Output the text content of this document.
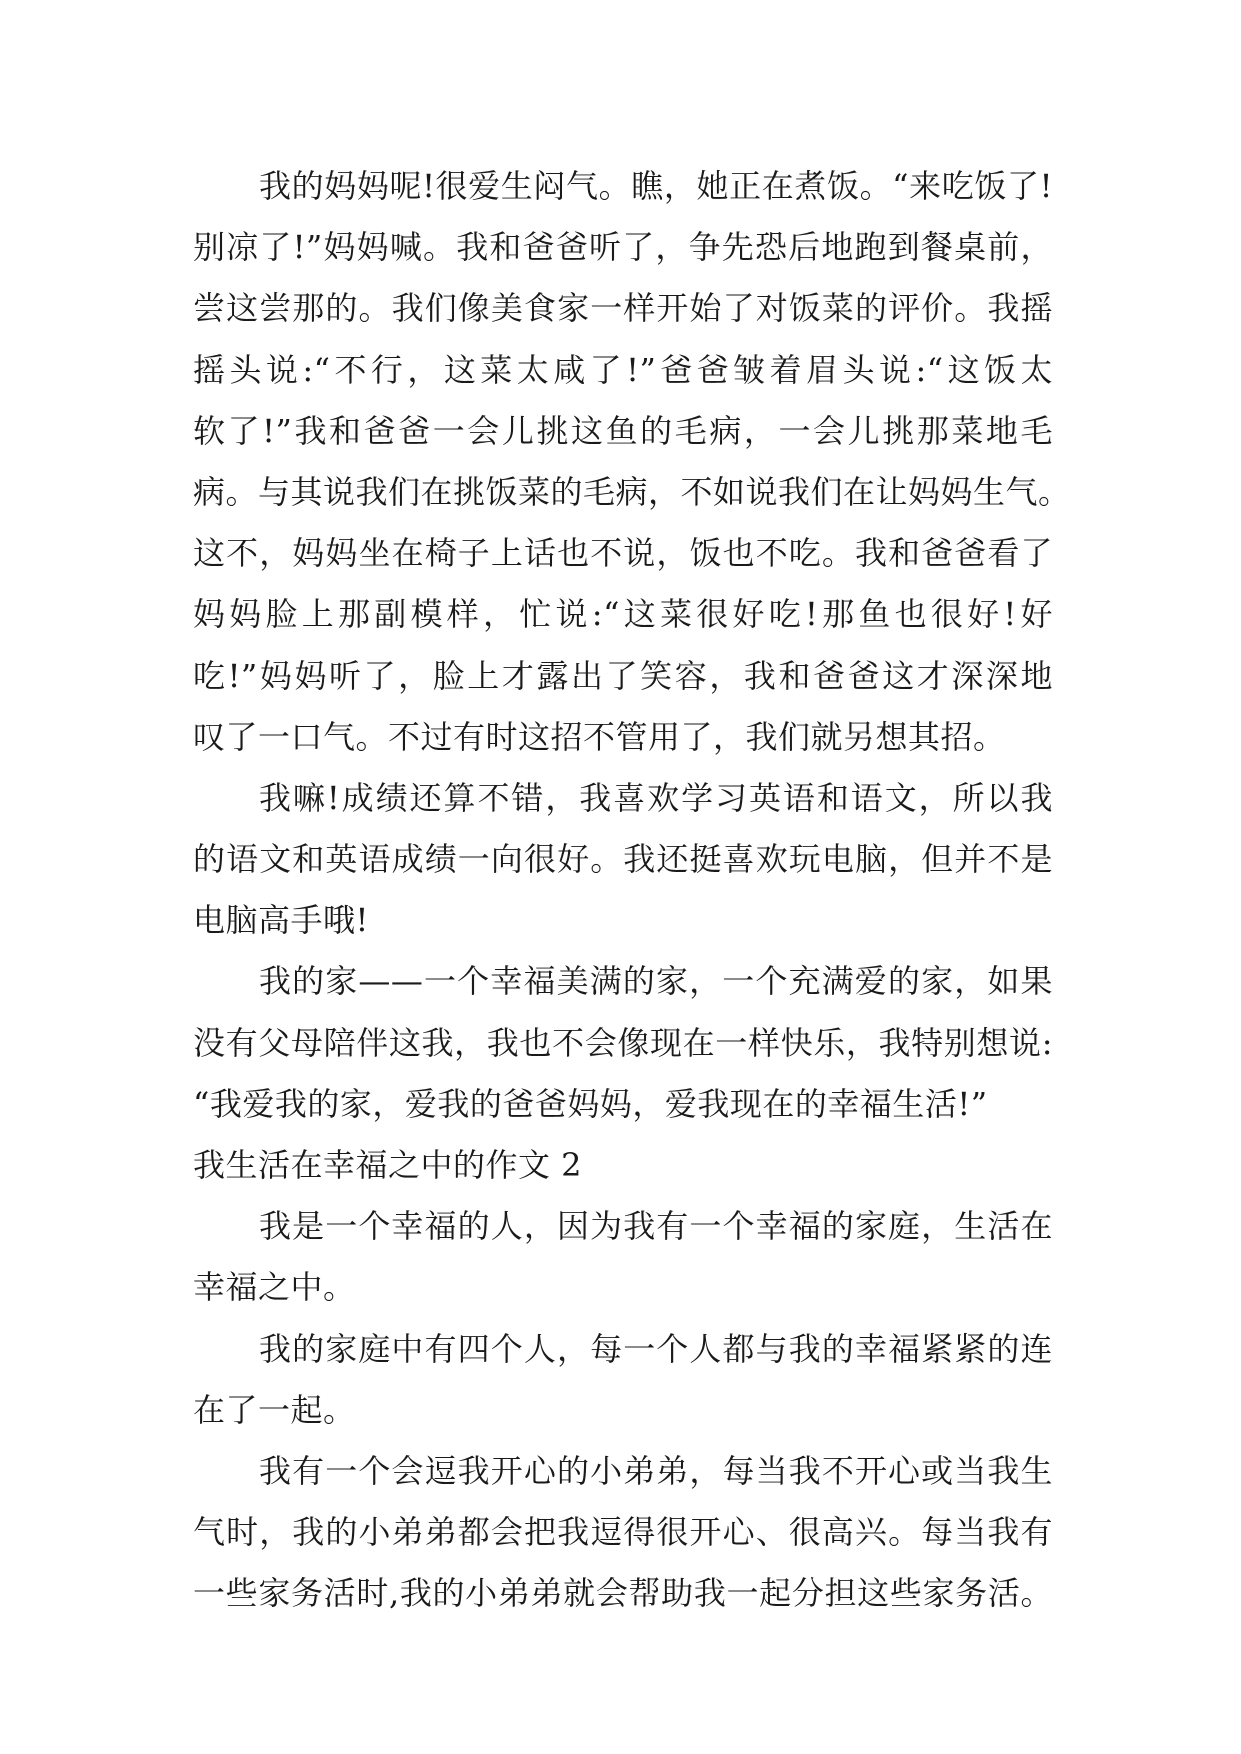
我的妈妈呢!很爱生闷气。瞧，她正在煮饭。“来吃饭了!
别凉了!”妈妈喊。我和爸爸听了，争先恐后地跑到餐桌前，
尝这尝那的。我们像美食家一样开始了对饭菜的评价。我摇
摇头说:“不行，这菜太咸了!”爸爸皱着眉头说:“这饭太
软了!”我和爸爸一会儿挑这鱼的毛病，一会儿挑那菜地毛
病。与其说我们在挑饭菜的毛病，不如说我们在让妈妈生气。
这不，妈妈坐在椅子上话也不说，饭也不吃。我和爸爸看了
妈妈脸上那副模样，忙说:“这菜很好吃!那鱼也很好!好
吃!”妈妈听了，脸上才露出了笑容，我和爸爸这才深深地
叹了一口气。不过有时这招不管用了，我们就另想其招。
我嘛!成绩还算不错，我喜欢学习英语和语文，所以我
的语文和英语成绩一向很好。我还挺喜欢玩电脑，但并不是
电脑高手哦!
我的家——一个幸福美满的家，一个充满爱的家，如果
没有父母陪伴这我，我也不会像现在一样快乐，我特别想说:
“我爱我的家，爱我的爸爸妈妈，爱我现在的幸福生活!”
我生活在幸福之中的作文 2
我是一个幸福的人，因为我有一个幸福的家庭，生活在
幸福之中。
我的家庭中有四个人，每一个人都与我的幸福紧紧的连
在了一起。
我有一个会逗我开心的小弟弟，每当我不开心或当我生
气时，我的小弟弟都会把我逗得很开心、很高兴。每当我有
一些家务活时,我的小弟弟就会帮助我一起分担这些家务活。
